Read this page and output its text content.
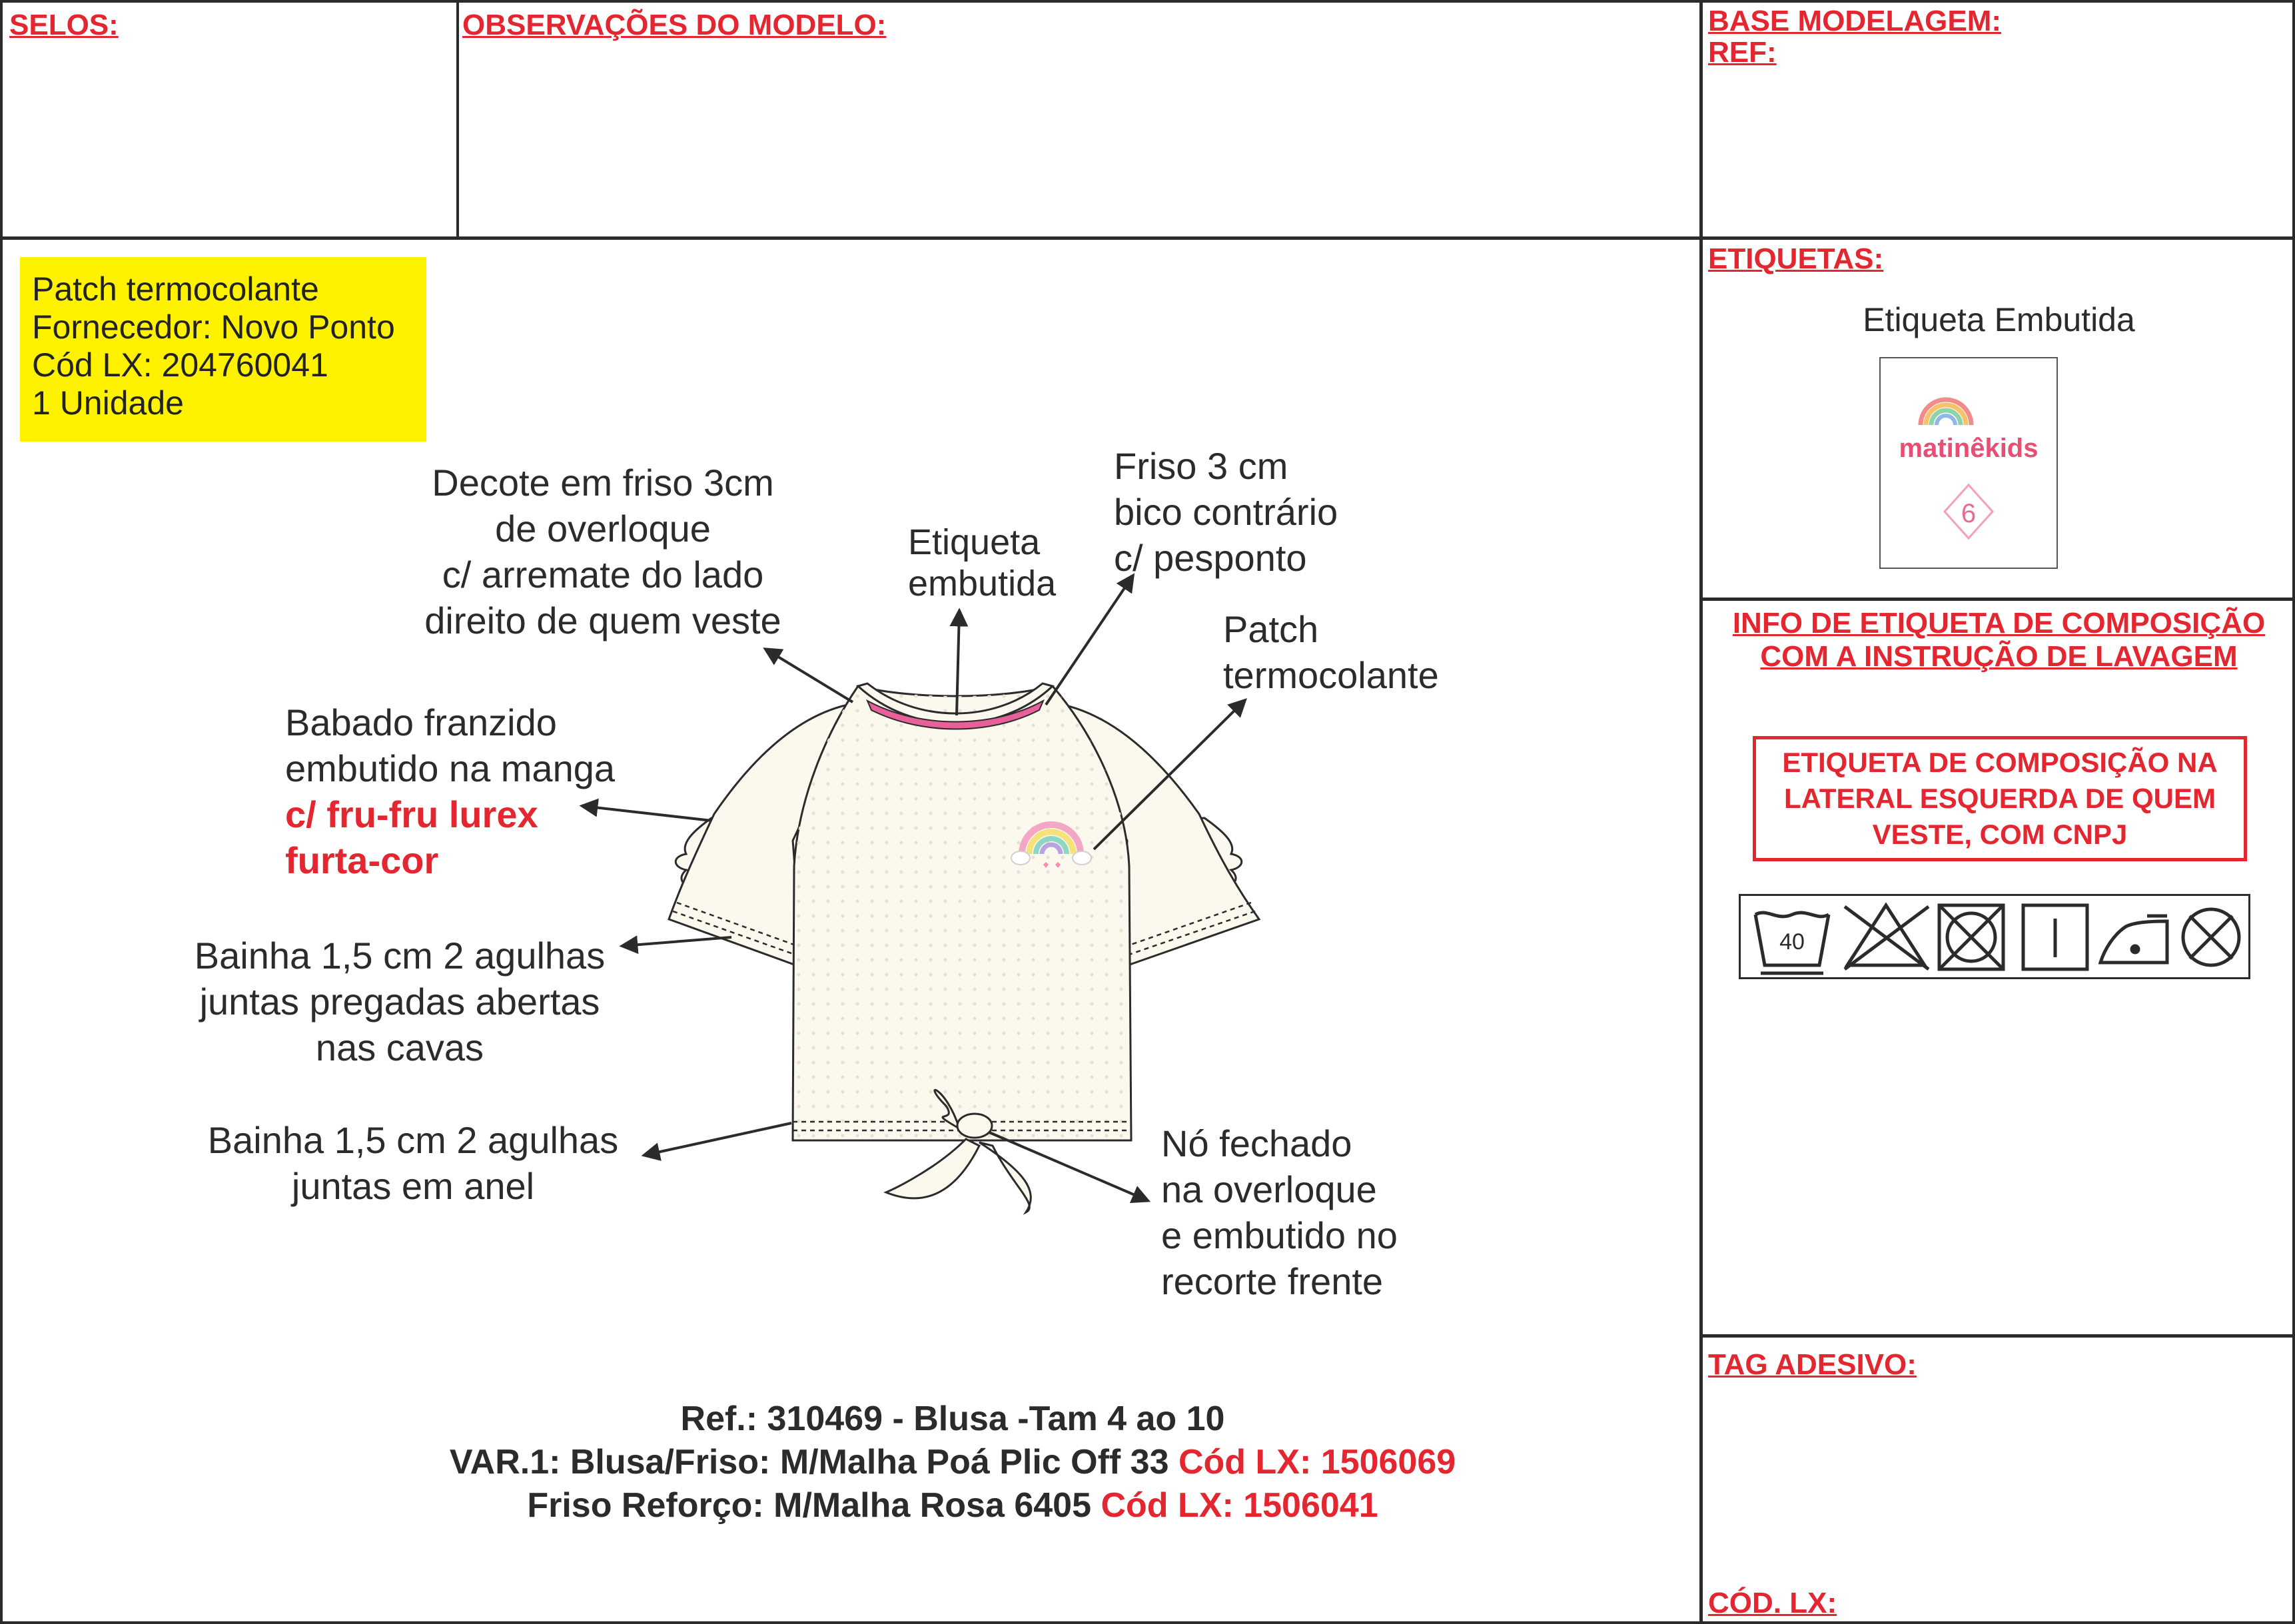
SELOS:	OBSERVAÇÕES DO MODELO:	BASE MODELAGEM:
REF:
Patch termocolante
Fornecedor: Novo Ponto
Cód LX: 204760041
1 Unidade
Decote em friso 3cm
de overloque
c/ arremate do lado
direito de quem veste
Etiqueta
embutida
Friso 3 cm
bico contrário
c/ pesponto
Patch
termocolante
Babado franzido
embutido na manga
c/ fru-fru lurex
furta-cor
Bainha 1,5 cm 2 agulhas
juntas pregadas abertas
nas cavas
Bainha 1,5 cm 2 agulhas
juntas em anel
Nó fechado
na overloque
e embutido no
recorte frente
Ref.: 310469 - Blusa -Tam 4 ao 10
VAR.1: Blusa/Friso: M/Malha Poá Plic Off 33 Cód LX: 1506069
Friso Reforço: M/Malha Rosa 6405 Cód LX: 1506041
ETIQUETAS:
Etiqueta Embutida
matinêkids
6
INFO DE ETIQUETA DE COMPOSIÇÃO
COM A INSTRUÇÃO DE LAVAGEM
ETIQUETA DE COMPOSIÇÃO NA
LATERAL ESQUERDA DE QUEM
VESTE, COM CNPJ
40
TAG ADESIVO:
CÓD. LX:
